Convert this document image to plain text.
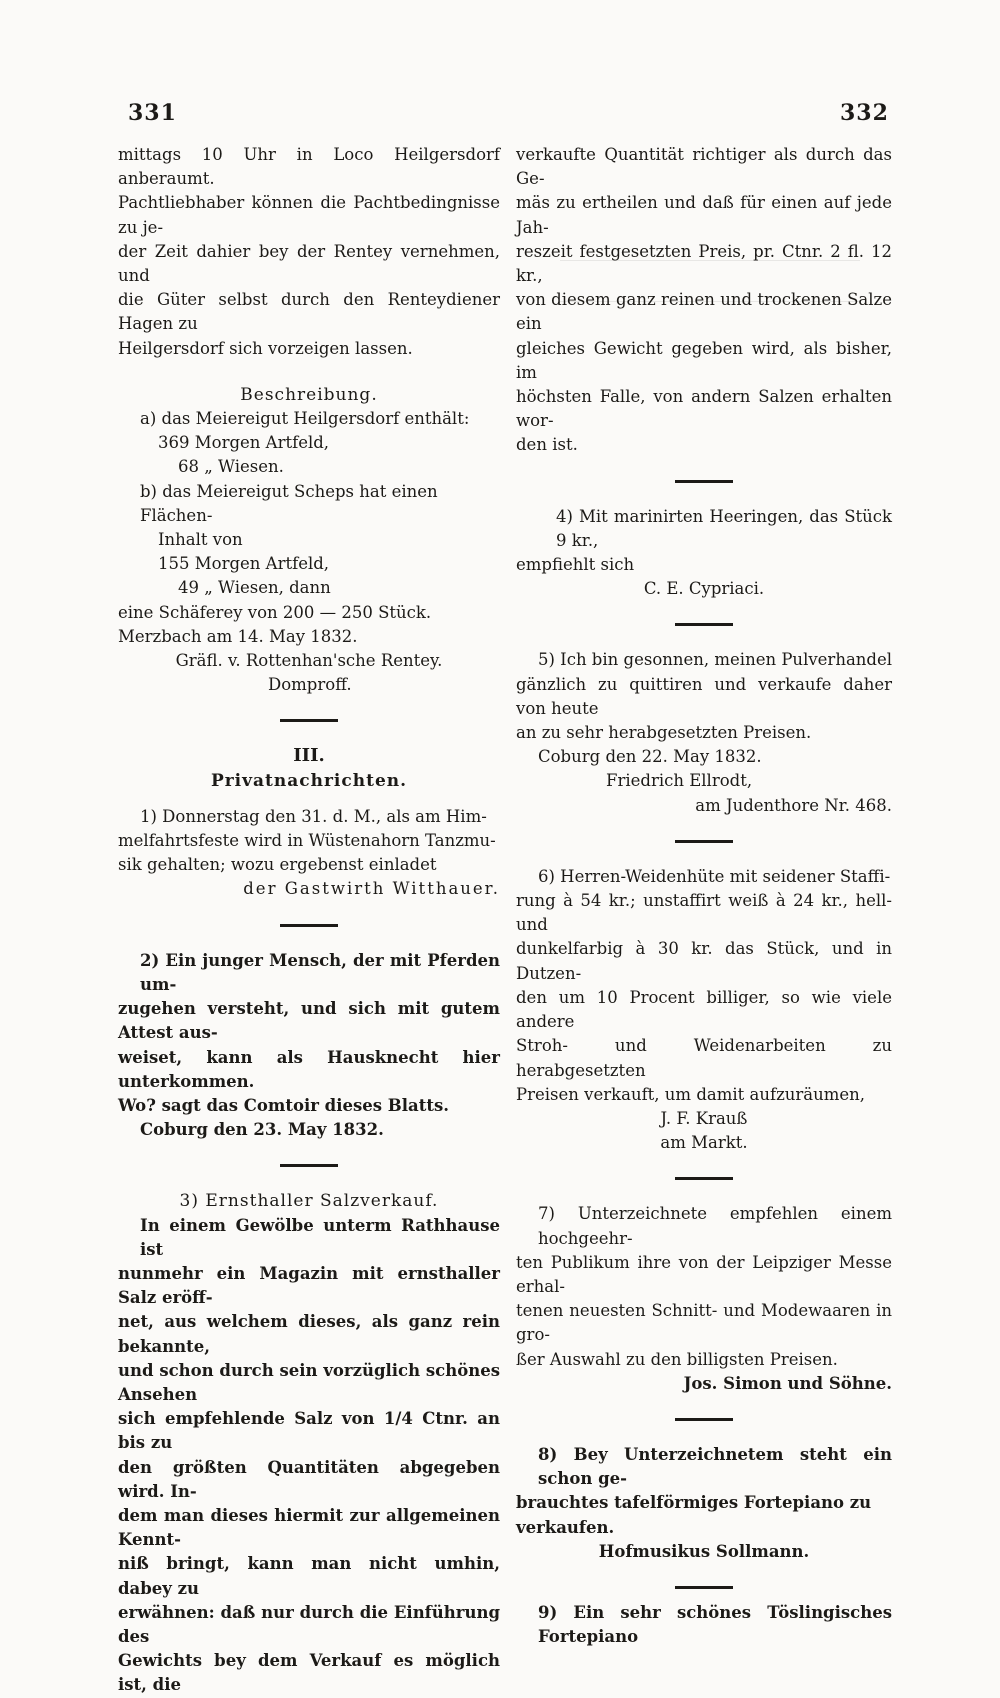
331	332

mittags 10 Uhr in Loco Heilgersdorf anberaumt.

Pachtliebhaber können die Pachtbedingnisse zu je-

der Zeit dahier bey der Rentey vernehmen, und

die Güter selbst durch den Renteydiener Hagen zu

Heilgersdorf sich vorzeigen lassen.

Beschreibung.

a) das Meiereigut Heilgersdorf enthält:

369 Morgen Artfeld,

68 „ Wiesen.

b) das Meiereigut Scheps hat einen Flächen-

Inhalt von

155 Morgen Artfeld,

49 „ Wiesen, dann

eine Schäferey von 200 — 250 Stück.

Merzbach am 14. May 1832.

Gräfl. v. Rottenhan'sche Rentey.

Domproff.

III.

Privatnachrichten.

1) Donnerstag den 31. d. M., als am Him-

melfahrtsfeste wird in Wüstenahorn Tanzmu-

sik gehalten; wozu ergebenst einladet

der Gastwirth Witthauer.

2) Ein junger Mensch, der mit Pferden um-

zugehen versteht, und sich mit gutem Attest aus-

weiset, kann als Hausknecht hier unterkommen.

Wo? sagt das Comtoir dieses Blatts.

Coburg den 23. May 1832.

3) Ernsthaller Salzverkauf.

In einem Gewölbe unterm Rathhause ist

nunmehr ein Magazin mit ernsthaller Salz eröff-

net, aus welchem dieses, als ganz rein bekannte,

und schon durch sein vorzüglich schönes Ansehen

sich empfehlende Salz von 1/4 Ctnr. an bis zu

den größten Quantitäten abgegeben wird. In-

dem man dieses hiermit zur allgemeinen Kennt-

niß bringt, kann man nicht umhin, dabey zu

erwähnen: daß nur durch die Einführung des

Gewichts bey dem Verkauf es möglich ist, die

verkaufte Quantität richtiger als durch das Ge-

mäs zu ertheilen und daß für einen auf jede Jah-

reszeit festgesetzten Preis, pr. Ctnr. 2 fl. 12 kr.,

von diesem ganz reinen und trockenen Salze ein

gleiches Gewicht gegeben wird, als bisher, im

höchsten Falle, von andern Salzen erhalten wor-

den ist.

4) Mit marinirten Heeringen, das Stück 9 kr.,

empfiehlt sich

C. E. Cypriaci.

5) Ich bin gesonnen, meinen Pulverhandel

gänzlich zu quittiren und verkaufe daher von heute

an zu sehr herabgesetzten Preisen.

Coburg den 22. May 1832.

Friedrich Ellrodt,

am Judenthore Nr. 468.

6) Herren-Weidenhüte mit seidener Staffi-

rung à 54 kr.; unstaffirt weiß à 24 kr., hell- und

dunkelfarbig à 30 kr. das Stück, und in Dutzen-

den um 10 Procent billiger, so wie viele andere

Stroh- und Weidenarbeiten zu herabgesetzten

Preisen verkauft, um damit aufzuräumen,

J. F. Krauß

am Markt.

7) Unterzeichnete empfehlen einem hochgeehr-

ten Publikum ihre von der Leipziger Messe erhal-

tenen neuesten Schnitt- und Modewaaren in gro-

ßer Auswahl zu den billigsten Preisen.

Jos. Simon und Söhne.

8) Bey Unterzeichnetem steht ein schon ge-

brauchtes tafelförmiges Fortepiano zu verkaufen.

Hofmusikus Sollmann.

9) Ein sehr schönes Töslingisches Fortepiano
